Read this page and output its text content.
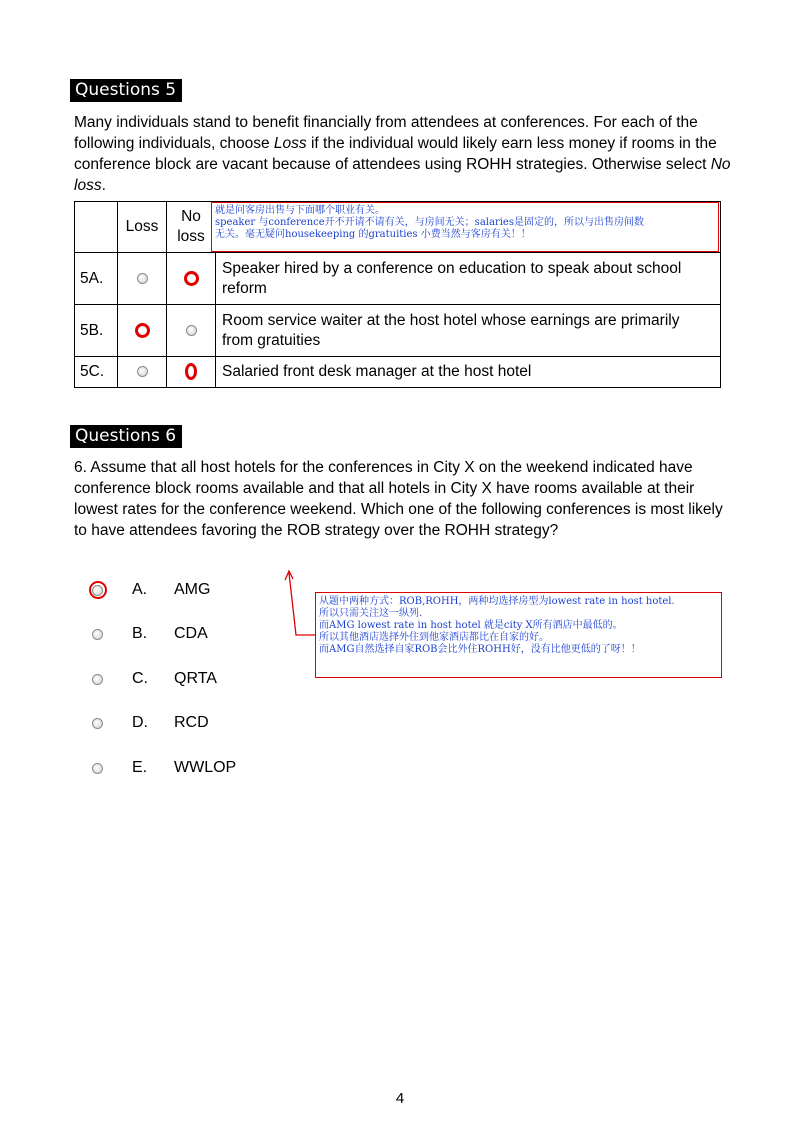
Questions 5
Many individuals stand to benefit financially from attendees at conferences. For each of the following individuals, choose Loss if the individual would likely earn less money if rooms in the conference block are vacant because of attendees using ROHH strategies. Otherwise select No loss.
	Loss	No
loss	
5A.			Speaker hired by a conference on education to speak about school reform
5B.			Room service waiter at the host hotel whose earnings are primarily from gratuities
5C.			Salaried front desk manager at the host hotel
就是问客房出售与下面哪个职业有关。
speaker 与conference开不开请不请有关，与房间无关；salaries是固定的，所以与出售房间数
无关。毫无疑问housekeeping 的gratuities 小费当然与客房有关！！
Questions 6
6. Assume that all host hotels for the conferences in City X on the weekend indicated have conference block rooms available and that all hotels in City X have rooms available at their lowest rates for the conference weekend. Which one of the following conferences is most likely to have attendees favoring the ROB strategy over the ROHH strategy?
A. AMG
B. CDA
C. QRTA
D. RCD
E. WWLOP
从题中两种方式：ROB,ROHH，两种均选择房型为lowest rate in host hotel.
所以只需关注这一纵列.
而AMG lowest rate in host hotel 就是city X所有酒店中最低的。
所以其他酒店选择外住到他家酒店都比在自家的好。
而AMG自然选择自家ROB会比外住ROHH好，没有比他更低的了呀！！
4
